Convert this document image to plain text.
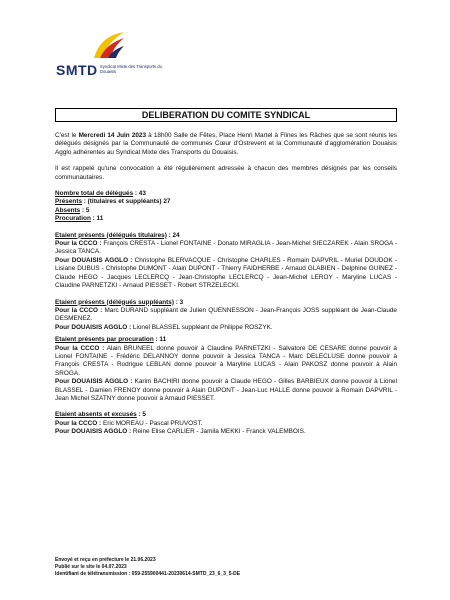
SMTD Syndicat Mixte des Transports du Douaisis
DELIBERATION DU COMITE SYNDICAL

C'est le Mercredi 14 Juin 2023 à 18h00 Salle de Fêtes, Place Henri Martel à Flines les Râches que se sont réunis les délégués désignés par la Communauté de communes Cœur d'Ostrevent et la Communauté d'agglomération Douaisis Agglo adhérentes au Syndicat Mixte des Transports du Douaisis.

Il est rappelé qu'une convocation a été régulièrement adressée à chacun des membres désignés par les conseils communautaires.

Nombre total de délégués : 43

Présents : (titulaires et suppléants) 27

Absents : 5

Procuration : 11

Etaient présents (délégués titulaires) : 24

Pour la CCCO : François CRESTA - Lionel FONTAINE - Donato MIRAGLIA - Jean-Michel SIECZAREK - Alain SROGA - Jessica TANCA.

Pour DOUAISIS AGGLO : Christophe BLERVACQUE - Christophe CHARLES - Romain DAPVRIL - Muriel DOUDOK - Lisiane DUBUS - Christophe DUMONT - Alain DUPONT - Thierry FAIDHERBE - Arnaud GLABIEN - Delphine GUINEZ - Claude HEGO - Jacques LECLERCQ - Jean-Christophe LECLERCQ - Jean-Michel LEROY - Maryline LUCAS - Claudine PARNETZKI - Arnaud PIESSET - Robert STRZELECKI.

Etaient présents (délégués suppléants) : 3

Pour la CCCO : Marc DURAND suppléant de Julien QUENNESSON - Jean-François JOSS suppléant de Jean-Claude DESMENEZ.

Pour DOUAISIS AGGLO : Lionel BLASSEL suppléant de Philippe ROSZYK.

Etaient présents par procuration : 11

Pour la CCCO : Alain BRUNEEL donne pouvoir à Claudine PARNETZKI - Salvatore DE CESARE donne pouvoir à Lionel FONTAINE - Frédéric DELANNOY donne pouvoir à Jessica TANCA - Marc DELECLUSE donne pouvoir à François CRESTA - Rodrigue LEBLAN donne pouvoir à Maryline LUCAS - Alain PAKOSZ donne pouvoir à Alain SROGA.

Pour DOUAISIS AGGLO : Karim BACHIRI donne pouvoir à Claude HEGO - Gilles BARBIEUX donne pouvoir à Lionel BLASSEL - Damien FRENOY donne pouvoir à Alain DUPONT - Jean-Luc HALLE donne pouvoir à Romain DAPVRIL - Jean Michel SZATNY donne pouvoir à Arnaud PIESSET.

Etaient absents et excusés : 5

Pour la CCCO : Eric MOREAU - Pascal PRUVOST.

Pour DOUAISIS AGGLO : Reine Elise CARLIER - Jamila MEKKI - Franck VALEMBOIS.

Envoyé et reçu en préfecture le 21.06.2023
Publié sur le site le 04.07.2023
Identifiant de télétransmission : 059-255900441-20230614-SMTD_23_6_3_5-DE
